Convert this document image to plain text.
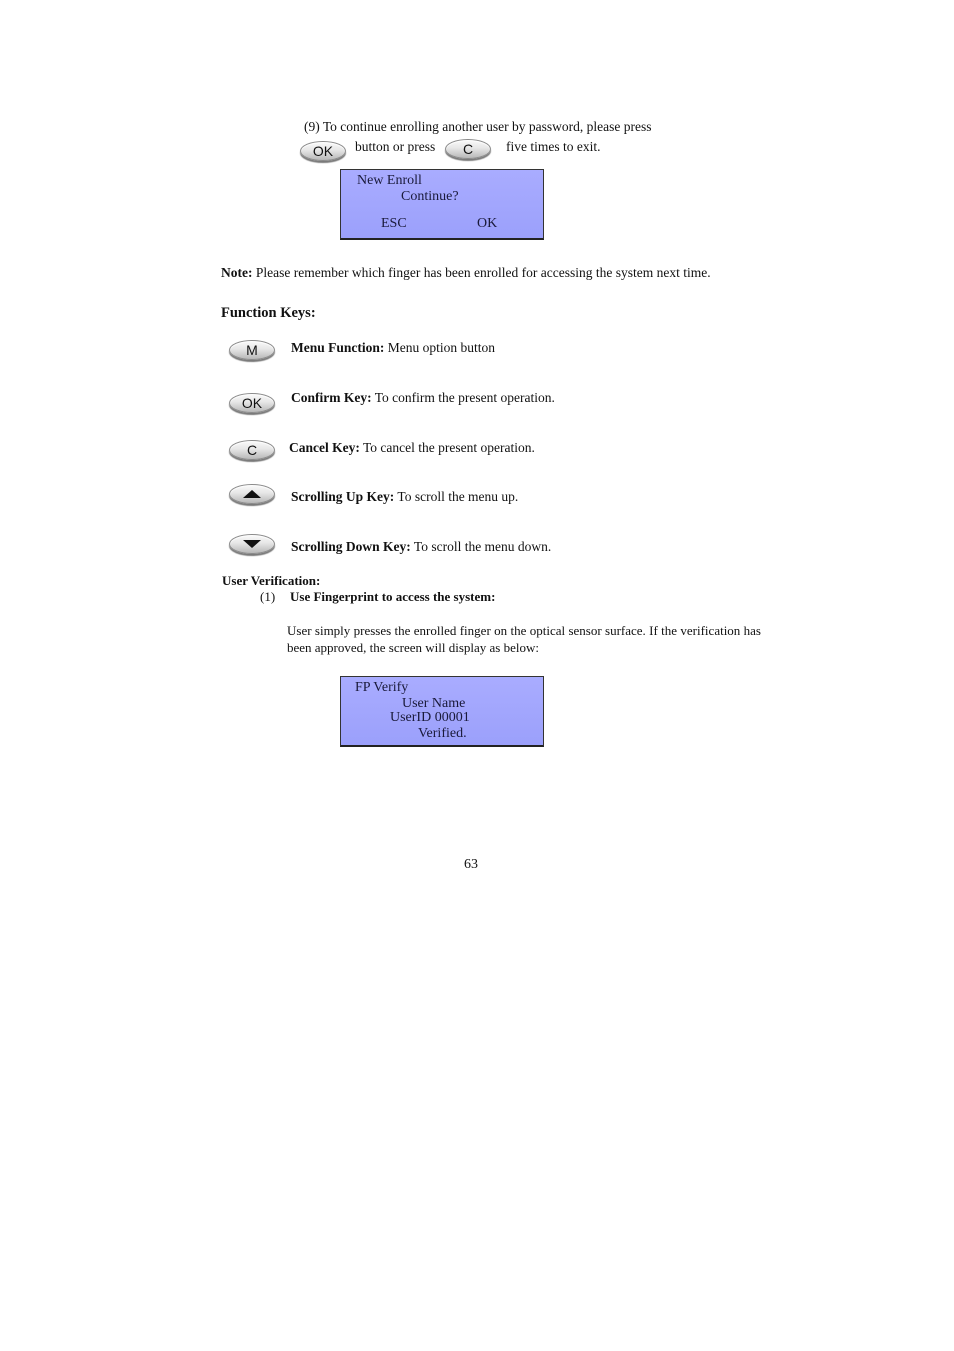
(9) To continue enrolling another user by password, please press
OK	button or press	C	five times to exit.
New Enroll
Continue?
ESC	OK
Note: Please remember which finger has been enrolled for accessing the system next time.
Function Keys:
M	Menu Function: Menu option button
OK	Confirm Key: To confirm the present operation.
C	Cancel Key: To cancel the present operation.
Scrolling Up Key: To scroll the menu up.
Scrolling Down Key: To scroll the menu down.
User Verification:
(1) Use Fingerprint to access the system:
User simply presses the enrolled finger on the optical sensor surface. If the verification has been approved, the screen will display as below:
FP Verify
User Name
UserID 00001
Verified.
63
